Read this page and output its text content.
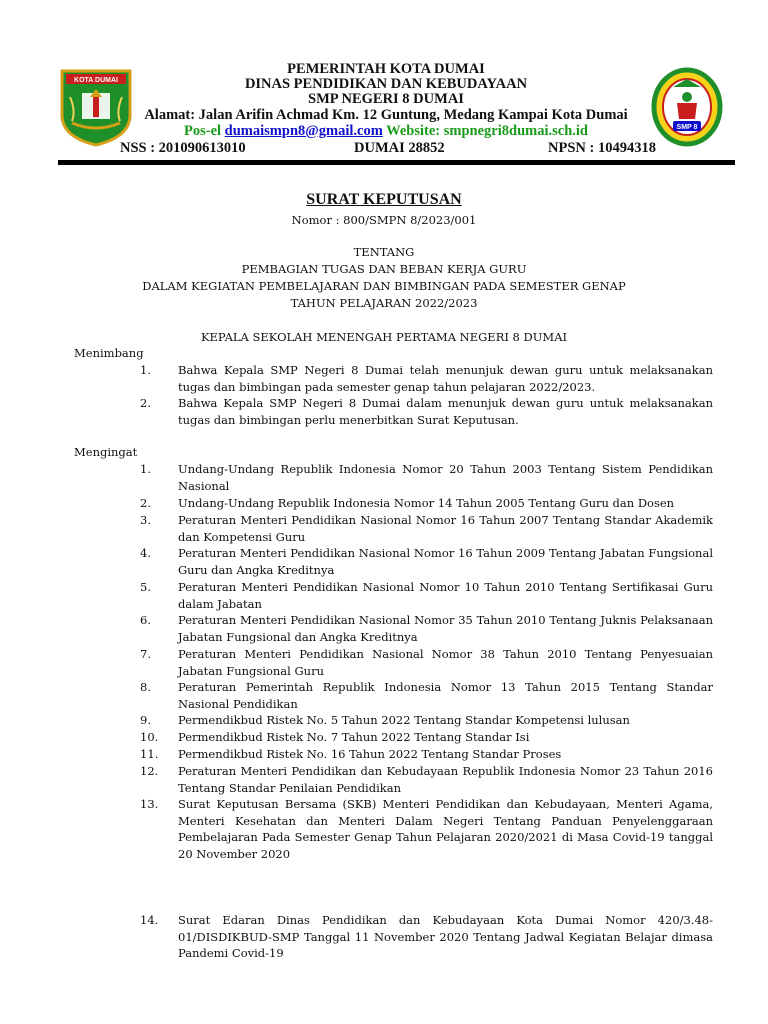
KOTA DUMAI
SMP 8
PEMERINTAH KOTA DUMAI
DINAS PENDIDIKAN DAN KEBUDAYAAN
SMP NEGERI 8 DUMAI
Alamat: Jalan Arifin Achmad Km. 12 Guntung, Medang Kampai Kota Dumai
Pos-el dumaismpn8@gmail.com Website: smpnegri8dumai.sch.id
NSS : 201090613010	DUMAI 28852	NPSN : 10494318
SURAT KEPUTUSAN
Nomor : 800/SMPN 8/2023/001
TENTANG
PEMBAGIAN TUGAS DAN BEBAN KERJA GURU
DALAM KEGIATAN PEMBELAJARAN DAN BIMBINGAN PADA SEMESTER GENAP
TAHUN PELAJARAN 2022/2023
KEPALA SEKOLAH MENENGAH PERTAMA NEGERI 8 DUMAI
Menimbang
1.	Bahwa Kepala SMP Negeri 8 Dumai telah menunjuk dewan guru untuk melaksanakan tugas dan bimbingan pada semester genap tahun pelajaran 2022/2023.
2.	Bahwa Kepala SMP Negeri 8 Dumai dalam menunjuk dewan guru untuk melaksanakan tugas dan bimbingan perlu menerbitkan Surat Keputusan.
Mengingat
1.	Undang-Undang Republik Indonesia Nomor 20 Tahun 2003 Tentang Sistem Pendidikan Nasional
2.	Undang-Undang Republik Indonesia Nomor 14 Tahun 2005 Tentang Guru dan Dosen
3.	Peraturan Menteri Pendidikan Nasional Nomor 16 Tahun 2007 Tentang Standar Akademik dan Kompetensi Guru
4.	Peraturan Menteri Pendidikan Nasional Nomor 16 Tahun 2009 Tentang Jabatan Fungsional Guru dan Angka Kreditnya
5.	Peraturan Menteri Pendidikan Nasional Nomor 10 Tahun 2010 Tentang Sertifikasai Guru dalam Jabatan
6.	Peraturan Menteri Pendidikan Nasional Nomor 35 Tahun 2010 Tentang Juknis Pelaksanaan Jabatan Fungsional dan Angka Kreditnya
7.	Peraturan Menteri Pendidikan Nasional Nomor 38 Tahun 2010 Tentang Penyesuaian Jabatan Fungsional Guru
8.	Peraturan Pemerintah Republik Indonesia Nomor 13 Tahun 2015 Tentang Standar Nasional Pendidikan
9.	Permendikbud Ristek No. 5 Tahun 2022 Tentang Standar Kompetensi lulusan
10. Permendikbud Ristek No. 7 Tahun 2022 Tentang Standar Isi
11. Permendikbud Ristek No. 16 Tahun 2022 Tentang Standar Proses
12. Peraturan Menteri Pendidikan dan Kebudayaan Republik Indonesia Nomor 23 Tahun 2016 Tentang Standar Penilaian Pendidikan
13. Surat Keputusan Bersama (SKB) Menteri Pendidikan dan Kebudayaan, Menteri Agama, Menteri Kesehatan dan Menteri Dalam Negeri Tentang Panduan Penyelenggaraan Pembelajaran Pada Semester Genap Tahun Pelajaran 2020/2021 di Masa Covid-19 tanggal 20 November 2020
14. Surat Edaran Dinas Pendidikan dan Kebudayaan Kota Dumai Nomor 420/3.48-01/DISDIKBUD-SMP Tanggal 11 November 2020 Tentang Jadwal Kegiatan Belajar dimasa Pandemi Covid-19
